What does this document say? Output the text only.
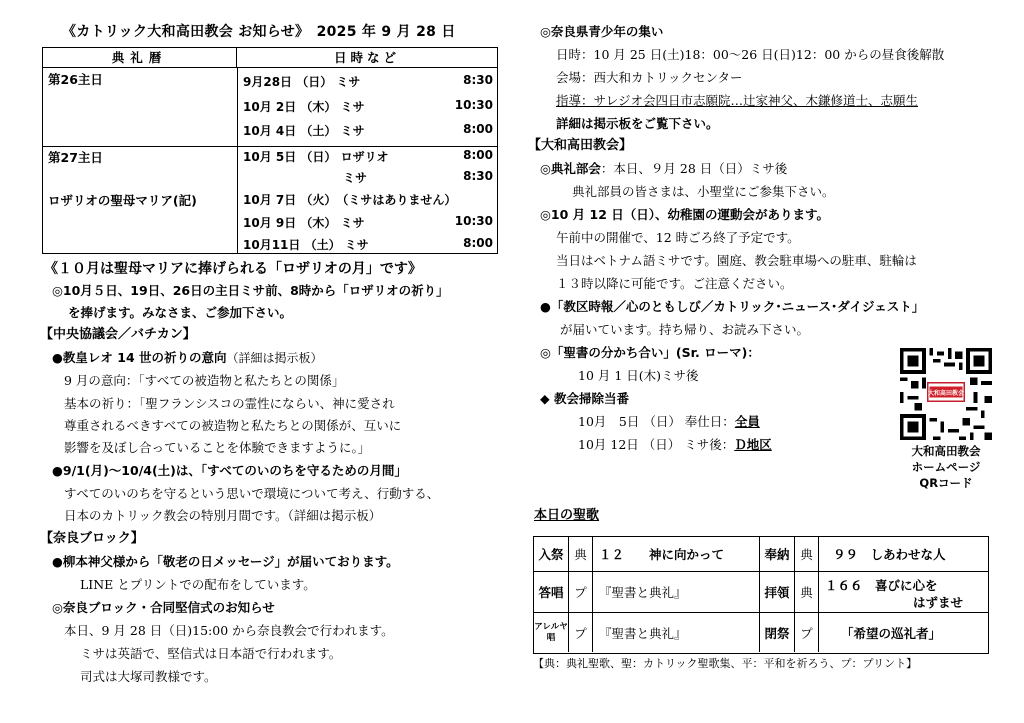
《カトリック大和高田教会 お知らせ》　2025 年 9 月 28 日
典礼暦	日時など
第26主日	9月28日 （日） ミサ	8:30
10月 2日 （木） ミサ	10:30
10月 4日 （土） ミサ	8:00
第27主日
ロザリオの聖母マリア(記)
10月 5日 （日） ロザリオ	8:00
ミサ	8:30
10月 7日 （火）　（ミサはありません）
10月 9日 （木） ミサ	10:30
10月11日 （土） ミサ	8:00
《１０月は聖母マリアに捧げられる「ロザリオの月」です》
◎10月５日、19日、26日の主日ミサ前、8時から「ロザリオの祈り」
を捧げます。みなさま、ご参加下さい。
【中央協議会／バチカン】
●教皇レオ 14 世の祈りの意向（詳細は掲示板）
9 月の意向：「すべての被造物と私たちとの関係」
基本の祈り：「聖フランシスコの霊性にならい、神に愛され
尊重されるべきすべての被造物と私たちとの関係が、互いに
影響を及ぼし合っていることを体験できますように。」
●9/1(月)～10/4(土)は、「すべてのいのちを守るための月間」
すべてのいのちを守るという思いで環境について考え、行動する、
日本のカトリック教会の特別月間です。（詳細は掲示板）
【奈良ブロック】
●柳本神父様から「敬老の日メッセージ」が届いております。
LINE とプリントでの配布をしています。
◎奈良ブロック・合同堅信式のお知らせ
本日、9 月 28 日（日)15:00 から奈良教会で行われます。
ミサは英語で、堅信式は日本語で行われます。
司式は大塚司教様です。
◎奈良県青少年の集い
日時：10 月 25 日(土)18：00～26 日(日)12：00 からの昼食後解散
会場：西大和カトリックセンター
指導：サレジオ会四日市志願院…辻家神父、木鎌修道士、志願生
詳細は掲示板をご覧下さい。
【大和高田教会】
◎典礼部会：本日、９月 28 日（日）ミサ後
典礼部員の皆さまは、小聖堂にご参集下さい。
◎10 月 12 日（日）、幼稚園の運動会があります。
午前中の開催で、12 時ごろ終了予定です。
当日はベトナム語ミサです。園庭、教会駐車場への駐車、駐輪は
１３時以降に可能です。ご注意ください。
●「教区時報／心のともしび／カトリック･ニュース･ダイジェスト」
が届いています。持ち帰り、お読み下さい。
◎「聖書の分かち合い」(Sr. ローマ)：
10 月 1 日(木)ミサ後
◆ 教会掃除当番
10月　5日 （日） 奉仕日：全員
10月 12日 （日） ミサ後：Ｄ地区
大和高田教会
大和高田教会
ホームページ
QRコード
本日の聖歌
入祭 典 １２　　神に向かって	奉納 典	９９　しあわせな人
答唱 プ 『聖書と典礼』	拝領 典 １６６　喜びに心を
はずませ
アレルヤ唱	プ 『聖書と典礼』	閉祭 プ	「希望の巡礼者」
【典：典礼聖歌、聖：カトリック聖歌集、平：平和を祈ろう、プ：プリント】
